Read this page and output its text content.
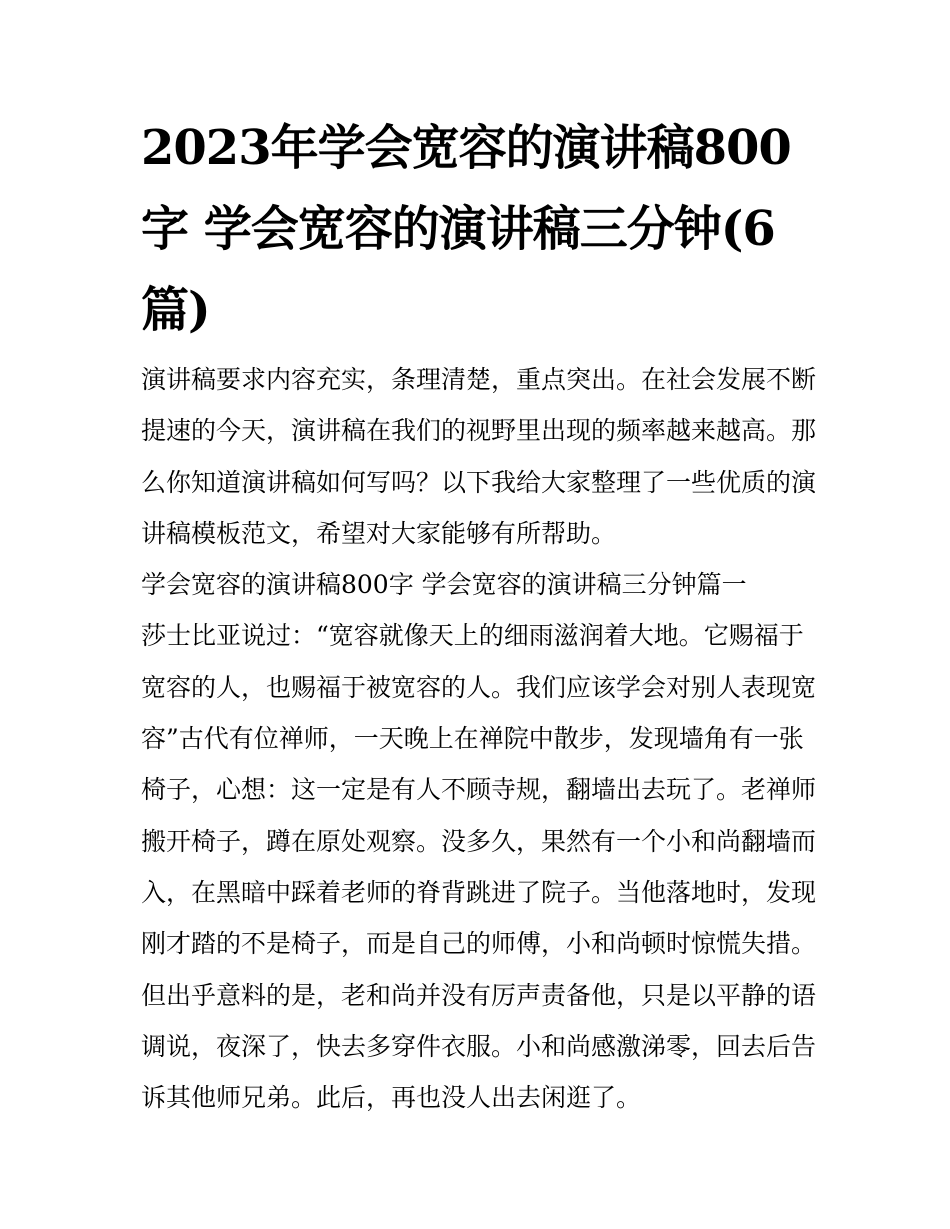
2023年学会宽容的演讲稿800
字 学会宽容的演讲稿三分钟(6
篇)

演讲稿要求内容充实，条理清楚，重点突出。在社会发展不断
提速的今天，演讲稿在我们的视野里出现的频率越来越高。那
么你知道演讲稿如何写吗？以下我给大家整理了一些优质的演
讲稿模板范文，希望对大家能够有所帮助。

学会宽容的演讲稿800字 学会宽容的演讲稿三分钟篇一

莎士比亚说过：“宽容就像天上的细雨滋润着大地。它赐福于
宽容的人，也赐福于被宽容的人。我们应该学会对别人表现宽
容”古代有位禅师，一天晚上在禅院中散步，发现墙角有一张
椅子，心想：这一定是有人不顾寺规，翻墙出去玩了。老禅师
搬开椅子，蹲在原处观察。没多久，果然有一个小和尚翻墙而
入，在黑暗中踩着老师的脊背跳进了院子。当他落地时，发现
刚才踏的不是椅子，而是自己的师傅，小和尚顿时惊慌失措。
但出乎意料的是，老和尚并没有厉声责备他，只是以平静的语
调说，夜深了，快去多穿件衣服。小和尚感激涕零，回去后告
诉其他师兄弟。此后，再也没人出去闲逛了。
